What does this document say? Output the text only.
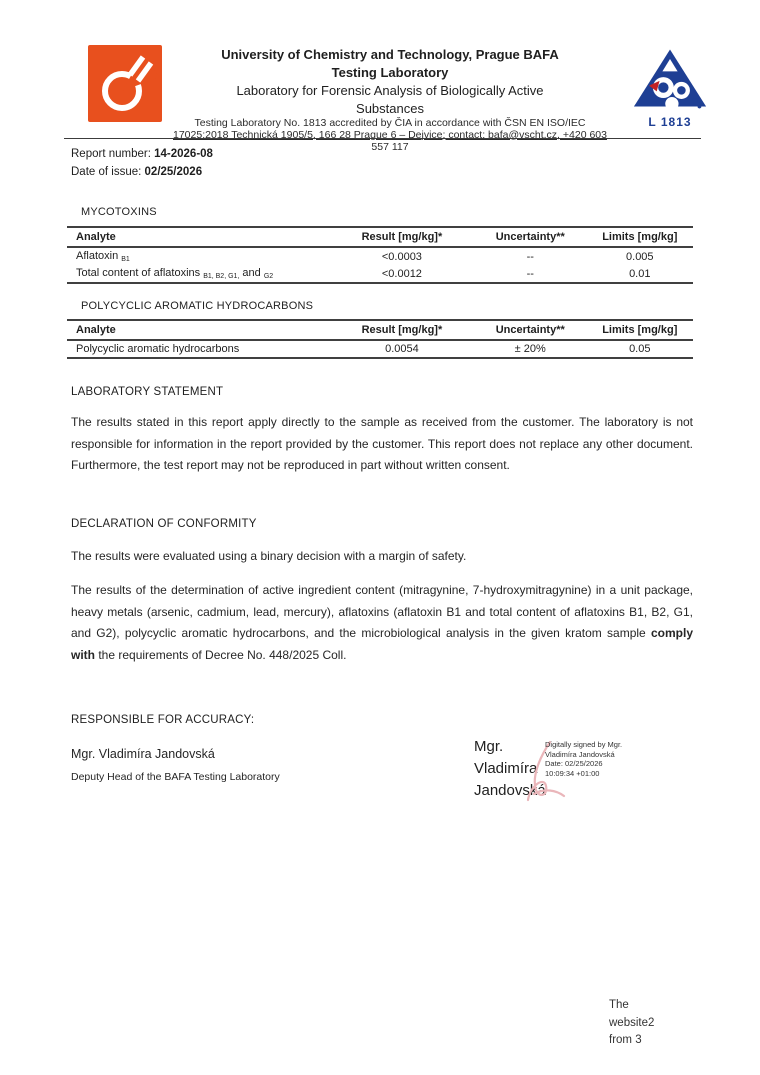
University of Chemistry and Technology, Prague BAFA
Testing Laboratory
Laboratory for Forensic Analysis of Biologically Active
Substances
Testing Laboratory No. 1813 accredited by ČIA in accordance with ČSN EN ISO/IEC
17025:2018 Technická 1905/5, 166 28 Prague 6 – Dejvice; contact: bafa@vscht.cz, +420 603
557 117
L 1813
Report number: 14-2026-08
Date of issue: 02/25/2026
MYCOTOXINS
Analyte	Result [mg/kg]*	Uncertainty**	Limits [mg/kg]
Aflatoxin $_{B1}$	<0.0003	--	0.005
Total content of aflatoxins $_{B1, B2, G1,}$ and $_{G2}$	<0.0012	--	0.01
POLYCYCLIC AROMATIC HYDROCARBONS
Analyte	Result [mg/kg]*	Uncertainty**	Limits [mg/kg]
Polycyclic aromatic hydrocarbons	0.0054	± 20%	0.05
LABORATORY STATEMENT
The results stated in this report apply directly to the sample as received from the customer. The laboratory is not responsible for information in the report provided by the customer. This report does not replace any other document. Furthermore, the test report may not be reproduced in part without written consent.
DECLARATION OF CONFORMITY
The results were evaluated using a binary decision with a margin of safety.
The results of the determination of active ingredient content (mitragynine, 7-hydroxymitragynine) in a unit package, heavy metals (arsenic, cadmium, lead, mercury), aflatoxins (aflatoxin B1 and total content of aflatoxins B1, B2, G1, and G2), polycyclic aromatic hydrocarbons, and the microbiological analysis in the given kratom sample comply with the requirements of Decree No. 448/2025 Coll.
RESPONSIBLE FOR ACCURACY:
Mgr. Vladimíra Jandovská
Deputy Head of the BAFA Testing Laboratory
Mgr.
Vladimíra
Jandovská
Digitally signed by Mgr.
Vladimíra Jandovská
Date: 02/25/2026
10:09:34 +01:00
The
website2
from 3
